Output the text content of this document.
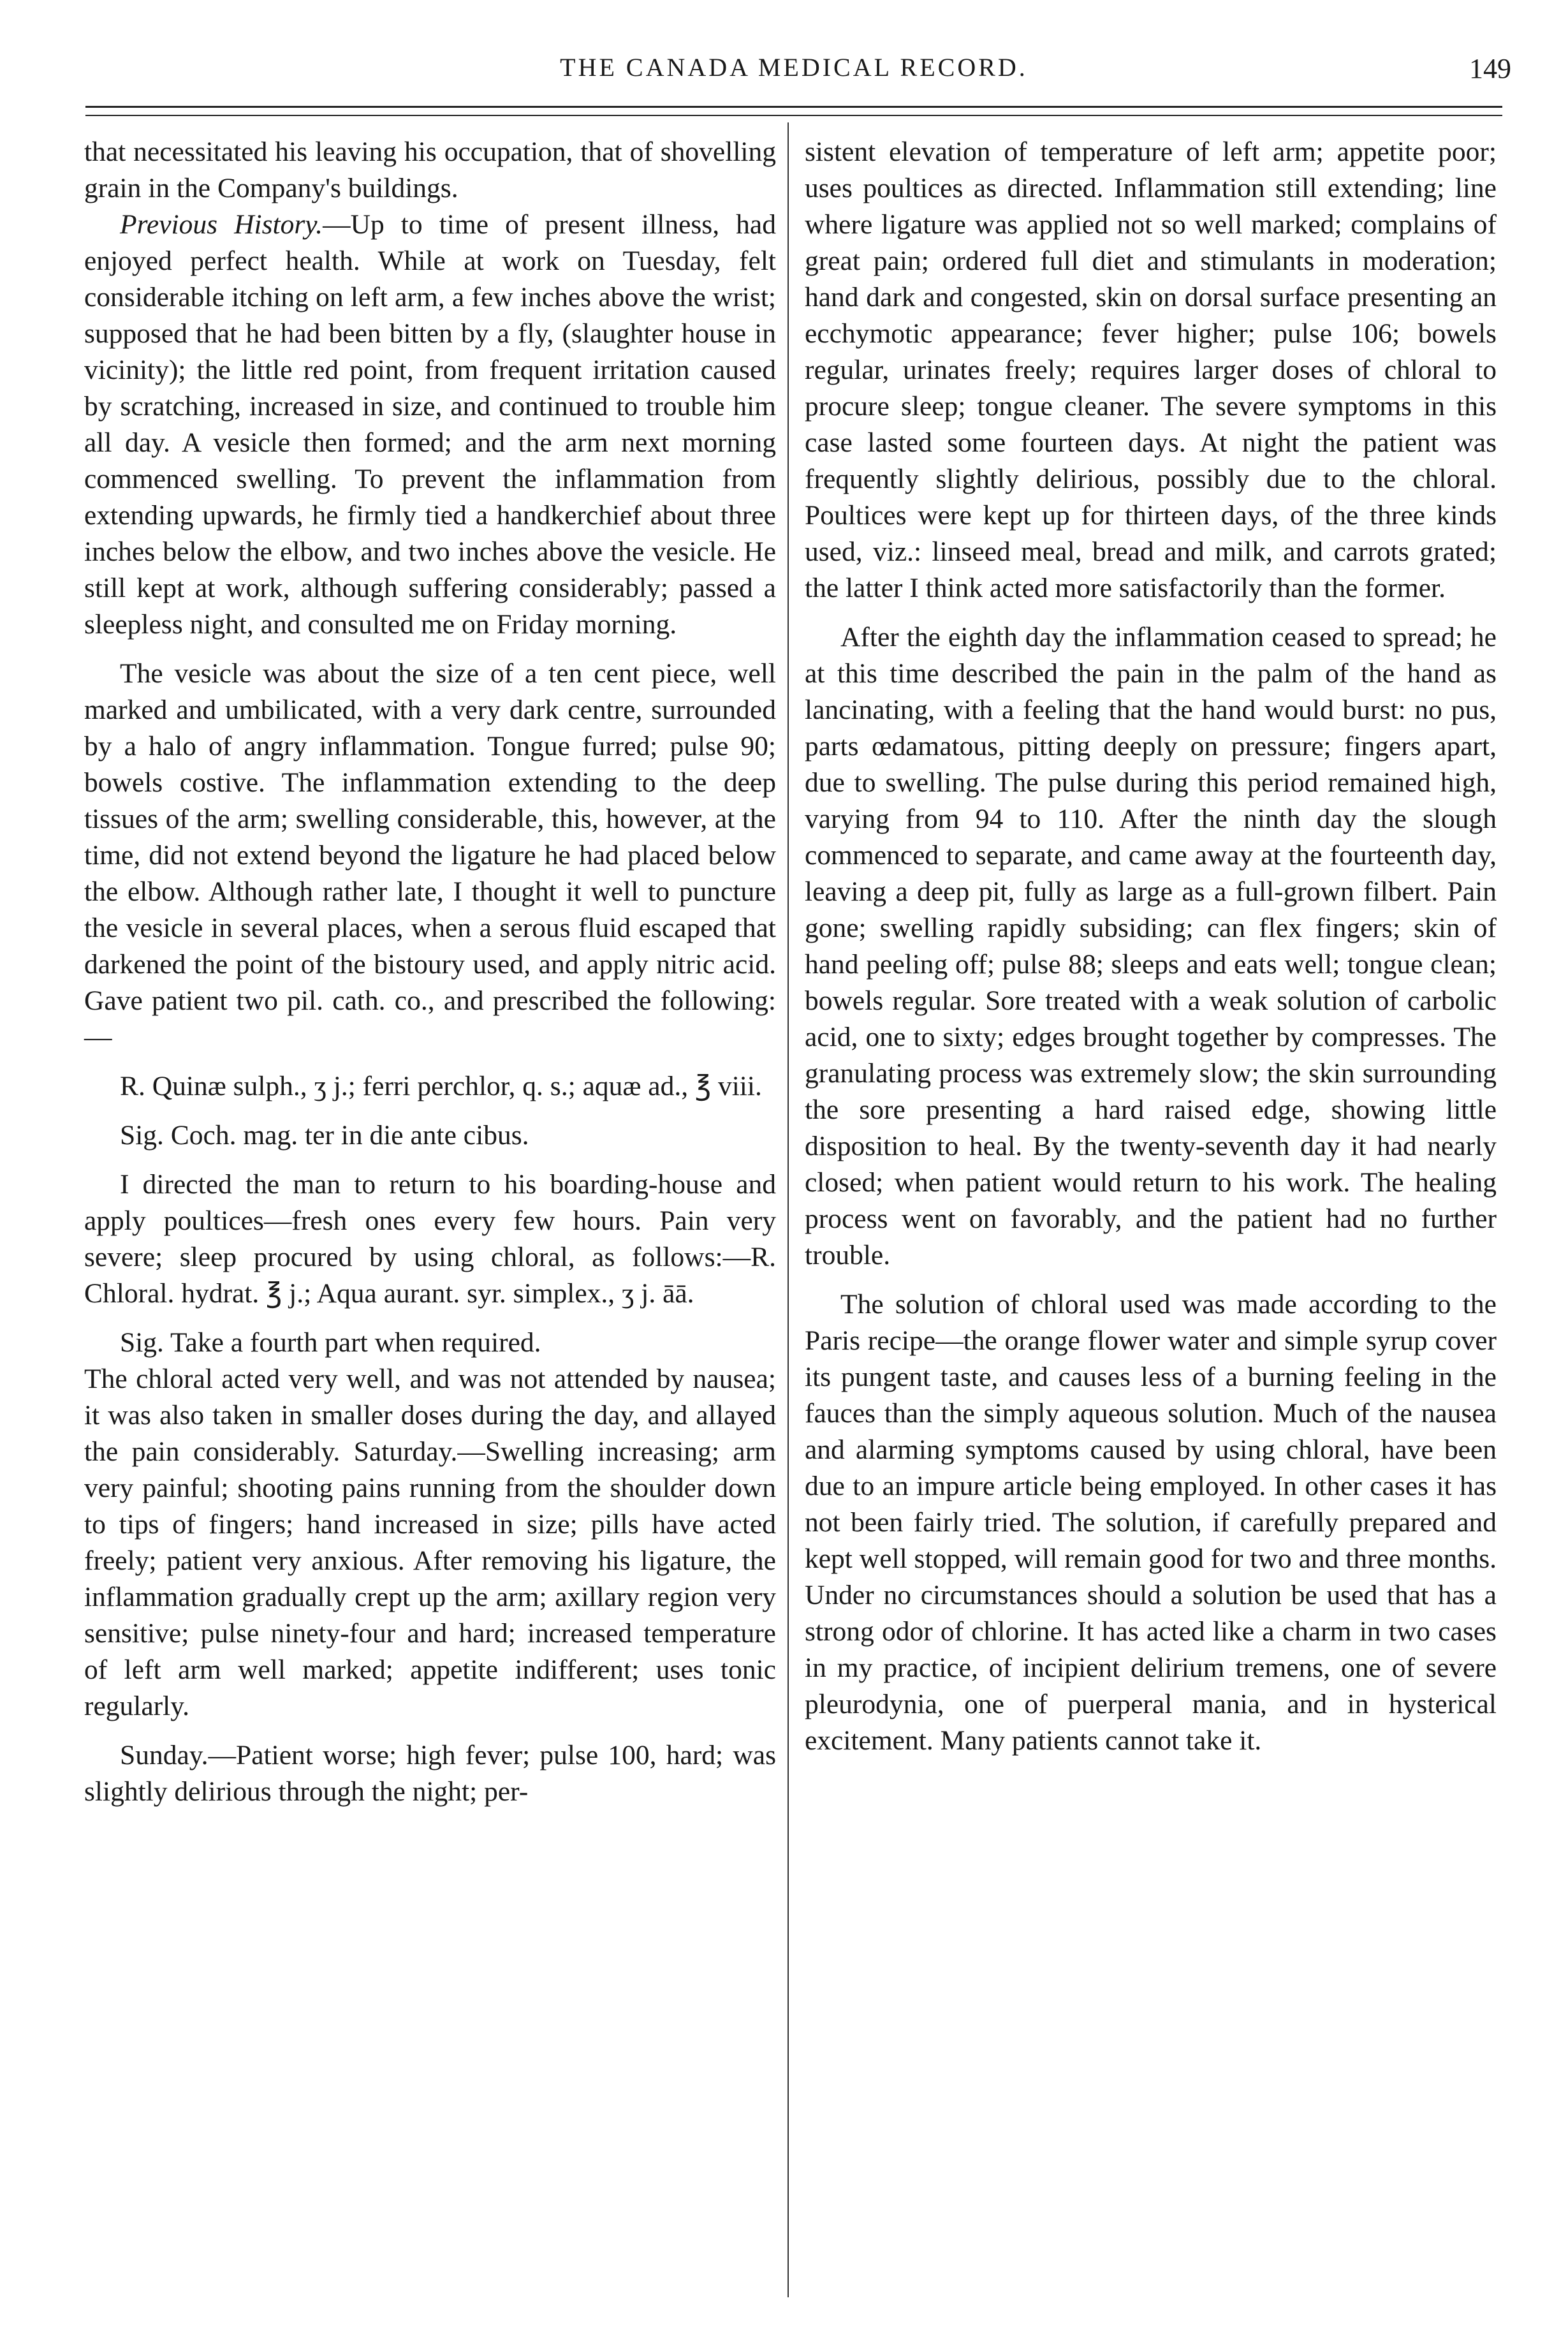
THE CANADA MEDICAL RECORD.	149

that necessitated his leaving his occupation, that of shovelling grain in the Company's buildings.

Previous History.—Up to time of present illness, had enjoyed perfect health. While at work on Tuesday, felt considerable itching on left arm, a few inches above the wrist; supposed that he had been bitten by a fly, (slaughter house in vicinity); the little red point, from frequent irritation caused by scratching, increased in size, and continued to trouble him all day. A vesicle then formed; and the arm next morning commenced swelling. To prevent the inflammation from extending upwards, he firmly tied a handkerchief about three inches below the elbow, and two inches above the vesicle. He still kept at work, although suffering considerably; passed a sleepless night, and consulted me on Friday morning.

The vesicle was about the size of a ten cent piece, well marked and umbilicated, with a very dark centre, surrounded by a halo of angry inflammation. Tongue furred; pulse 90; bowels costive. The inflammation extending to the deep tissues of the arm; swelling considerable, this, however, at the time, did not extend beyond the ligature he had placed below the elbow. Although rather late, I thought it well to puncture the vesicle in several places, when a serous fluid escaped that darkened the point of the bistoury used, and apply nitric acid. Gave patient two pil. cath. co., and prescribed the following:—

R. Quinæ sulph., ʒ j.; ferri perchlor, q. s.; aquæ ad., ℥ viii.

Sig. Coch. mag. ter in die ante cibus.

I directed the man to return to his boarding-house and apply poultices—fresh ones every few hours. Pain very severe; sleep procured by using chloral, as follows:—R. Chloral. hydrat. ℥ j.; Aqua aurant. syr. simplex., ʒ j. āā.

Sig. Take a fourth part when required.

The chloral acted very well, and was not attended by nausea; it was also taken in smaller doses during the day, and allayed the pain considerably. Saturday.—Swelling increasing; arm very painful; shooting pains running from the shoulder down to tips of fingers; hand increased in size; pills have acted freely; patient very anxious. After removing his ligature, the inflammation gradually crept up the arm; axillary region very sensitive; pulse ninety-four and hard; increased temperature of left arm well marked; appetite indifferent; uses tonic regularly.

Sunday.—Patient worse; high fever; pulse 100, hard; was slightly delirious through the night; per-

sistent elevation of temperature of left arm; appetite poor; uses poultices as directed. Inflammation still extending; line where ligature was applied not so well marked; complains of great pain; ordered full diet and stimulants in moderation; hand dark and congested, skin on dorsal surface presenting an ecchymotic appearance; fever higher; pulse 106; bowels regular, urinates freely; requires larger doses of chloral to procure sleep; tongue cleaner. The severe symptoms in this case lasted some fourteen days. At night the patient was frequently slightly delirious, possibly due to the chloral. Poultices were kept up for thirteen days, of the three kinds used, viz.: linseed meal, bread and milk, and carrots grated; the latter I think acted more satisfactorily than the former.

After the eighth day the inflammation ceased to spread; he at this time described the pain in the palm of the hand as lancinating, with a feeling that the hand would burst: no pus, parts œdamatous, pitting deeply on pressure; fingers apart, due to swelling. The pulse during this period remained high, varying from 94 to 110. After the ninth day the slough commenced to separate, and came away at the fourteenth day, leaving a deep pit, fully as large as a full-grown filbert. Pain gone; swelling rapidly subsiding; can flex fingers; skin of hand peeling off; pulse 88; sleeps and eats well; tongue clean; bowels regular. Sore treated with a weak solution of carbolic acid, one to sixty; edges brought together by compresses. The granulating process was extremely slow; the skin surrounding the sore presenting a hard raised edge, showing little disposition to heal. By the twenty-seventh day it had nearly closed; when patient would return to his work. The healing process went on favorably, and the patient had no further trouble.

The solution of chloral used was made according to the Paris recipe—the orange flower water and simple syrup cover its pungent taste, and causes less of a burning feeling in the fauces than the simply aqueous solution. Much of the nausea and alarming symptoms caused by using chloral, have been due to an impure article being employed. In other cases it has not been fairly tried. The solution, if carefully prepared and kept well stopped, will remain good for two and three months. Under no circumstances should a solution be used that has a strong odor of chlorine. It has acted like a charm in two cases in my practice, of incipient delirium tremens, one of severe pleurodynia, one of puerperal mania, and in hysterical excitement. Many patients cannot take it.
